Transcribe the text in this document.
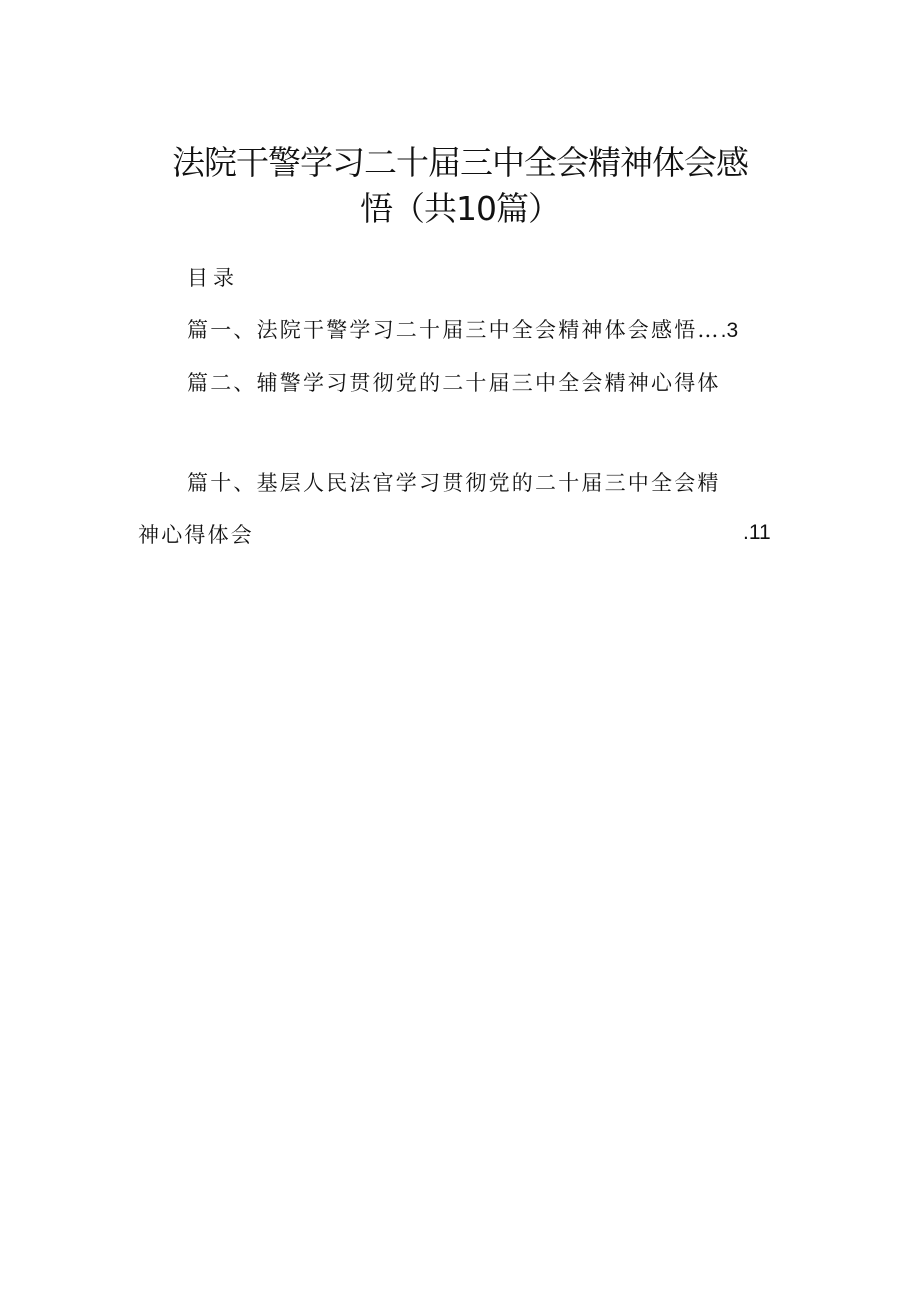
法院干警学习二十届三中全会精神体会感
悟（共10篇）
目录
篇一、法院干警学习二十届三中全会精神体会感悟….3
篇二、辅警学习贯彻党的二十届三中全会精神心得体
篇十、基层人民法官学习贯彻党的二十届三中全会精
神心得体会	.11
